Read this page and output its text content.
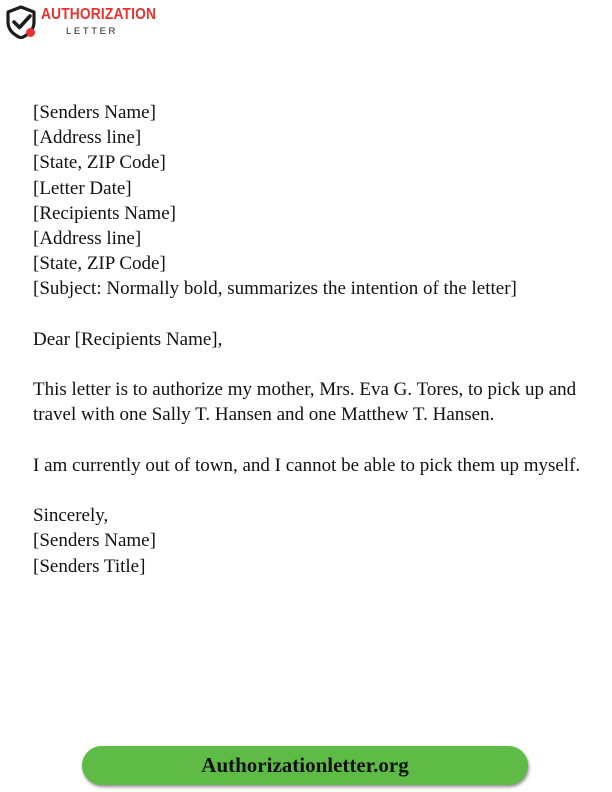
AUTHORIZATION
LETTER
[Senders Name]
[Address line]
[State, ZIP Code]
[Letter Date]
[Recipients Name]
[Address line]
[State, ZIP Code]
[Subject: Normally bold, summarizes the intention of the letter]
Dear [Recipients Name],

This letter is to authorize my mother, Mrs. Eva G. Tores, to pick up and travel with one Sally T. Hansen and one Matthew T. Hansen.

I am currently out of town, and I cannot be able to pick them up myself.

Sincerely,
[Senders Name]
[Senders Title]
Authorizationletter.org
